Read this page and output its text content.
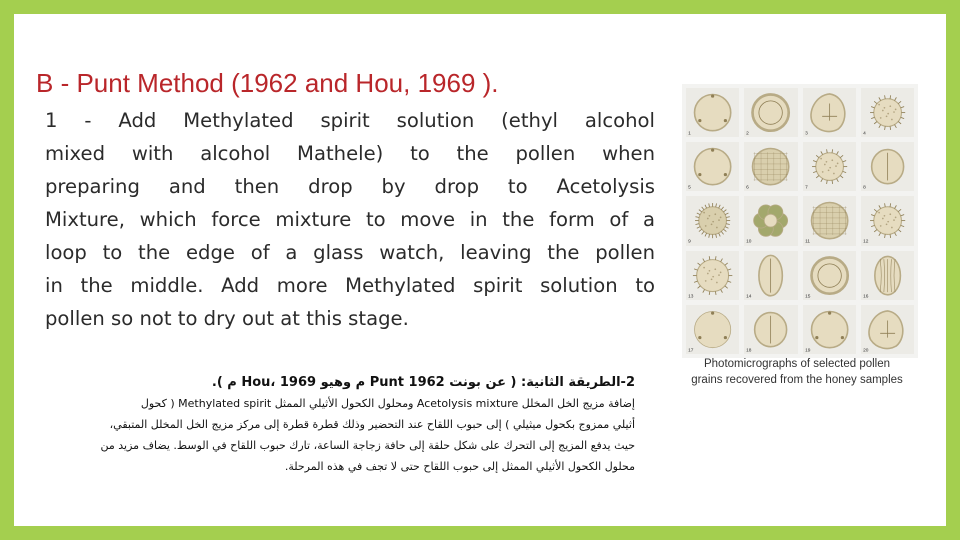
B - Punt Method (1962 and Hou, 1969 ).
1 - Add Methylated spirit solution (ethyl alcohol
mixed with alcohol Mathele) to the pollen when
preparing and then drop by drop to Acetolysis
Mixture, which force mixture to move in the form of a
loop to the edge of a glass watch, leaving the pollen
in the middle. Add more Methylated spirit solution to
pollen so not to dry out at this stage.
2-الطريقة الثانية: ( عن بونت 1962 Punt م وهيو Hou، 1969 م ).
إضافة مزيج الخل المخلل Acetolysis mixture ومحلول الكحول الأثيلي الممثل Methylated spirit ( كحول
أثيلي ممزوج بكحول ميثيلي ) إلى حبوب اللقاح عند التحضير وذلك قطرة قطرة إلى مركز مزيج الخل المخلل المتبقي،
حيث يدفع المزيج إلى التحرك على شكل حلقة إلى حافة زجاجة الساعة، تارك حبوب اللقاح في الوسط. يضاف مزيد من
محلول الكحول الأثيلي الممثل إلى حبوب اللقاح حتى لا تجف في هذه المرحلة.
1	2	3	4
5	6	7	8
9	10	11	12
13	14	15	16
17	18	19	20
Photomicrographs of selected pollen
grains recovered from the honey samples
